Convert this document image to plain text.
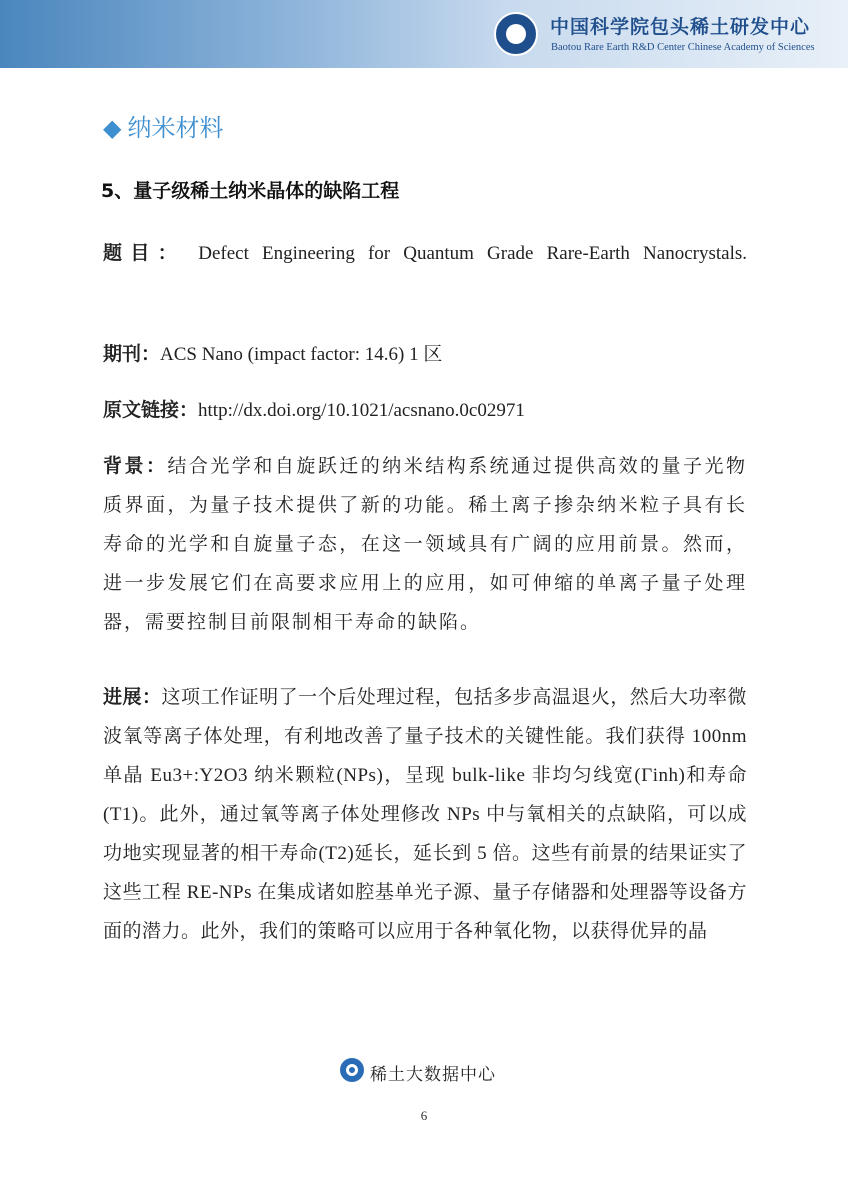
中国科学院包头稀土研发中心
Baotou Rare Earth R&D Center Chinese Academy of Sciences
◆ 纳米材料
5、量子级稀土纳米晶体的缺陷工程
题目： Defect Engineering for Quantum Grade Rare-Earth Nanocrystals.
期刊：ACS Nano (impact factor: 14.6) 1 区
原文链接：http://dx.doi.org/10.1021/acsnano.0c02971
背景：结合光学和自旋跃迁的纳米结构系统通过提供高效的量子光物质界面，为量子技术提供了新的功能。稀土离子掺杂纳米粒子具有长寿命的光学和自旋量子态，在这一领域具有广阔的应用前景。然而，进一步发展它们在高要求应用上的应用，如可伸缩的单离子量子处理器，需要控制目前限制相干寿命的缺陷。
进展：这项工作证明了一个后处理过程，包括多步高温退火，然后大功率微波氧等离子体处理，有利地改善了量子技术的关键性能。我们获得 100nm 单晶 Eu3+:Y2O3 纳米颗粒(NPs)，呈现 bulk-like 非均匀线宽(Γinh)和寿命(T1)。此外，通过氧等离子体处理修改 NPs 中与氧相关的点缺陷，可以成功地实现显著的相干寿命(T2)延长，延长到 5 倍。这些有前景的结果证实了这些工程 RE-NPs 在集成诸如腔基单光子源、量子存储器和处理器等设备方面的潜力。此外，我们的策略可以应用于各种氧化物，以获得优异的晶
稀土大数据中心
6
